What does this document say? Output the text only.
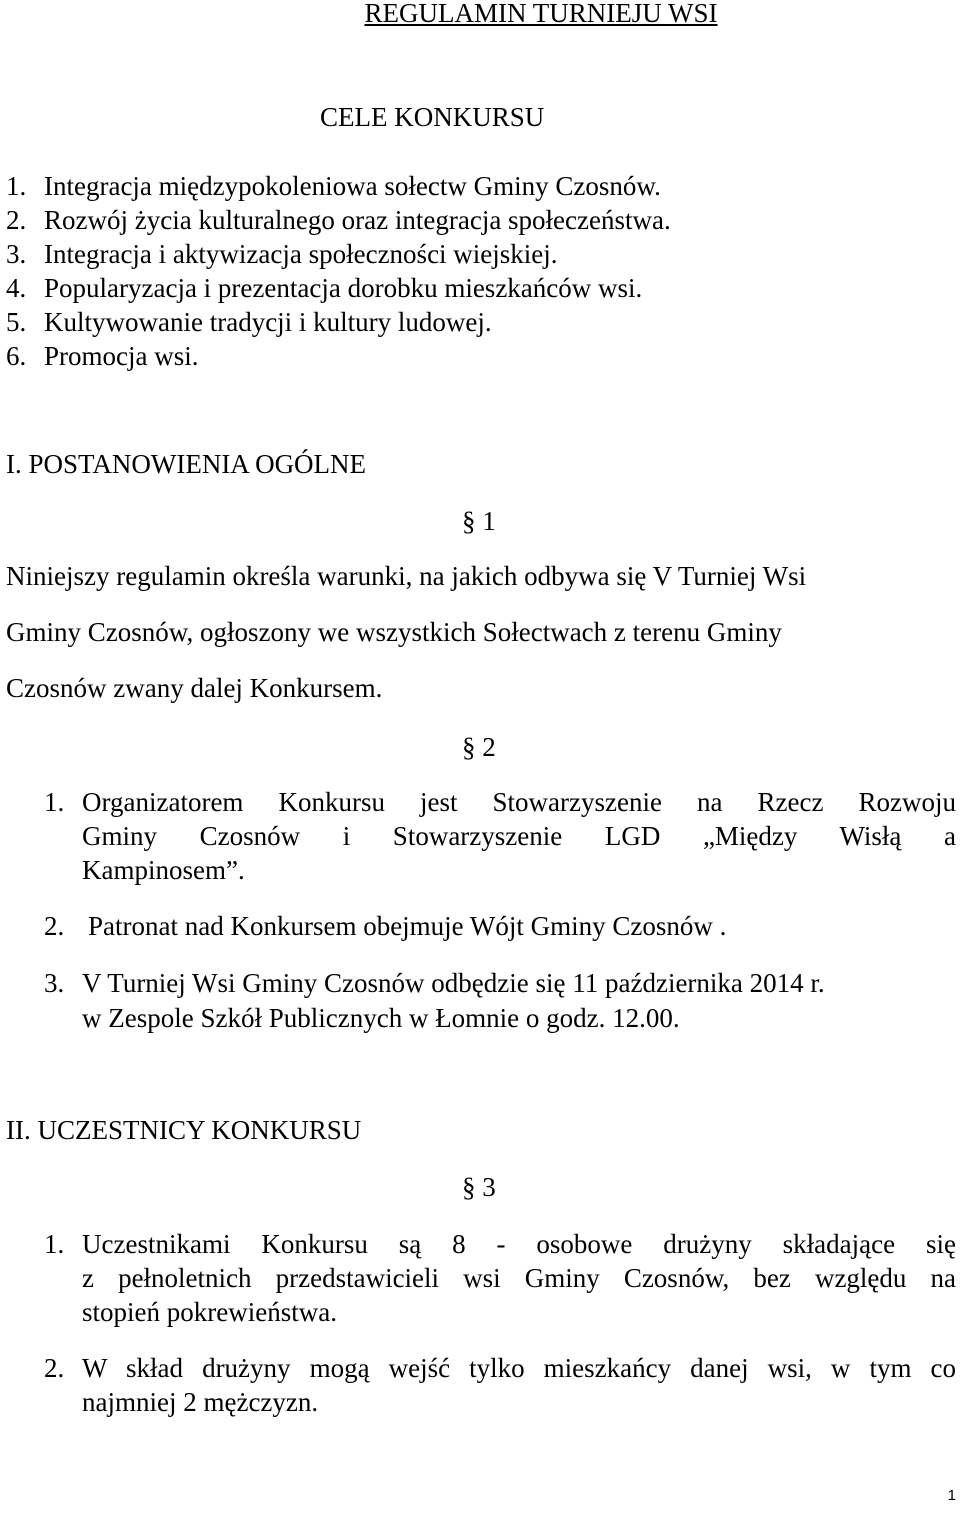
REGULAMIN TURNIEJU WSI
CELE KONKURSU
1. Integracja międzypokoleniowa sołectw Gminy Czosnów.
2. Rozwój życia kulturalnego oraz integracja społeczeństwa.
3. Integracja i aktywizacja społeczności wiejskiej.
4. Popularyzacja i prezentacja dorobku mieszkańców wsi.
5. Kultywowanie tradycji i kultury ludowej.
6. Promocja wsi.
I. POSTANOWIENIA OGÓLNE
§ 1
Niniejszy regulamin określa warunki, na jakich odbywa się V Turniej Wsi
Gminy Czosnów, ogłoszony we wszystkich Sołectwach z terenu Gminy
Czosnów zwany dalej Konkursem.
§ 2
1. Organizatorem Konkursu jest Stowarzyszenie na Rzecz Rozwoju
Gminy Czosnów i Stowarzyszenie LGD „Między Wisłą a
Kampinosem”.
2. Patronat nad Konkursem obejmuje Wójt Gminy Czosnów .
3. V Turniej Wsi Gminy Czosnów odbędzie się 11 października 2014 r.
w Zespole Szkół Publicznych w Łomnie o godz. 12.00.
II. UCZESTNICY KONKURSU
§ 3
1. Uczestnikami Konkursu są 8 - osobowe drużyny składające się
z pełnoletnich przedstawicieli wsi Gminy Czosnów, bez względu na
stopień pokrewieństwa.
2. W skład drużyny mogą wejść tylko mieszkańcy danej wsi, w tym co
najmniej 2 mężczyzn.
1
